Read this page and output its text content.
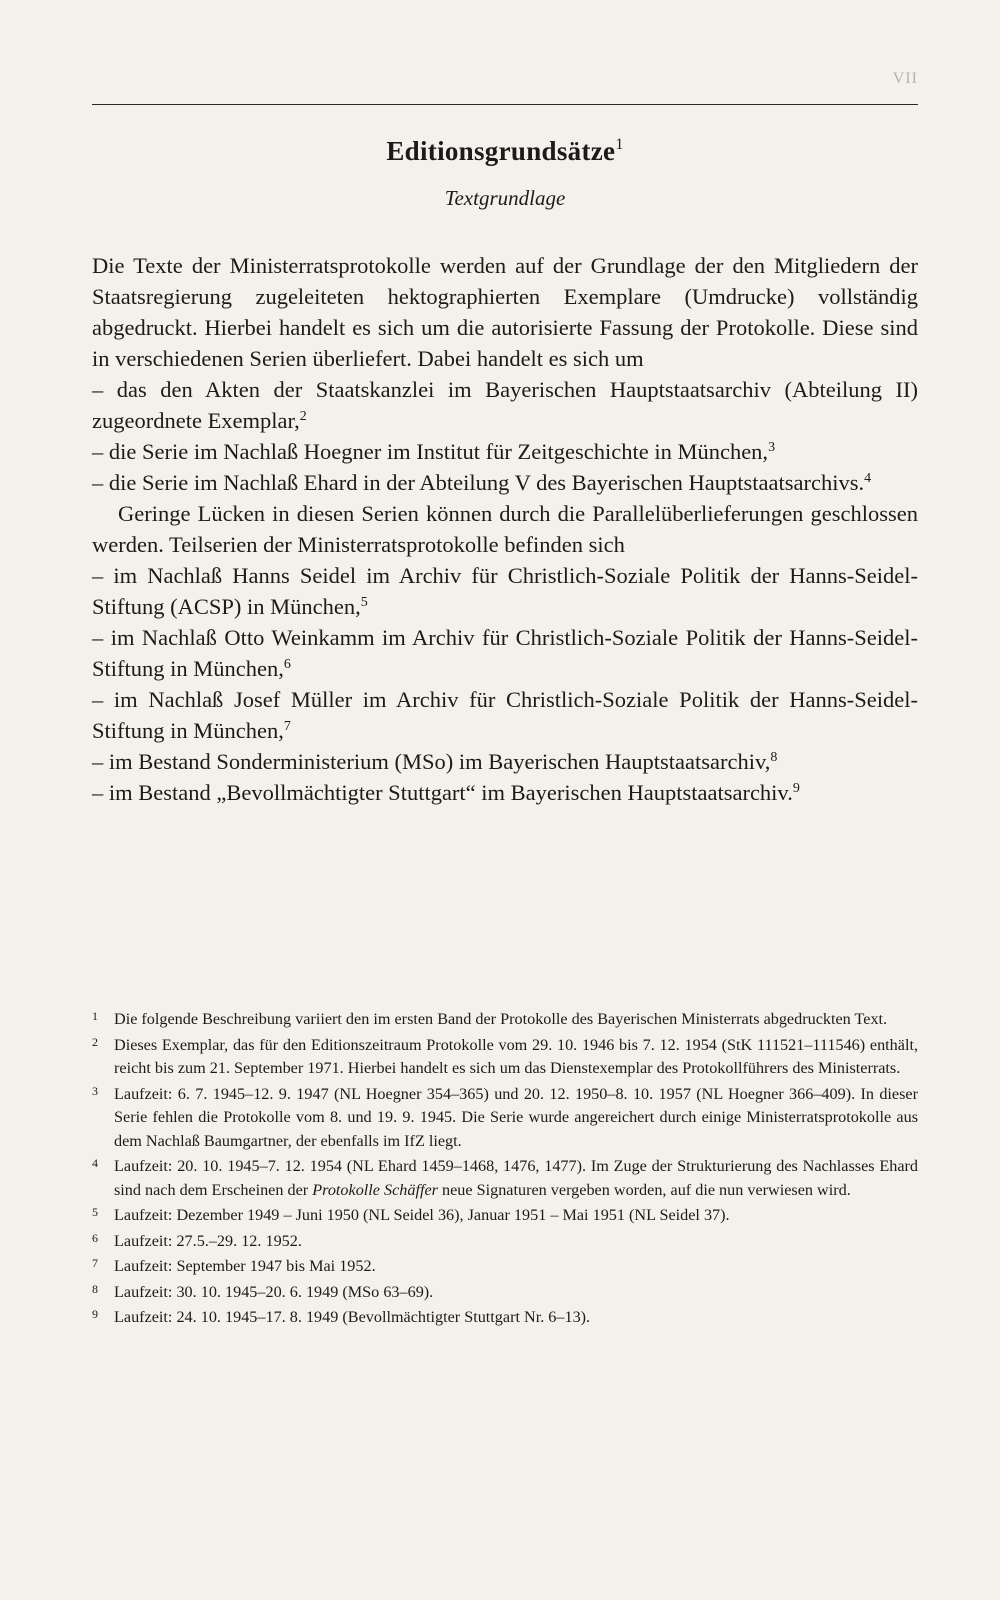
VII
Editionsgrundsätze$^1$
Textgrundlage

Die Texte der Ministerratsprotokolle werden auf der Grundlage der den Mitgliedern der Staatsregierung zugeleiteten hektographierten Exemplare (Umdrucke) vollständig abgedruckt. Hierbei handelt es sich um die autorisierte Fassung der Protokolle. Diese sind in verschiedenen Serien überliefert. Dabei handelt es sich um

– das den Akten der Staatskanzlei im Bayerischen Hauptstaatsarchiv (Abteilung II) zugeordnete Exemplar,$^2$

– die Serie im Nachlaß Hoegner im Institut für Zeitgeschichte in München,$^3$

– die Serie im Nachlaß Ehard in der Abteilung V des Bayerischen Hauptstaatsarchivs.$^4$

Geringe Lücken in diesen Serien können durch die Parallelüberlieferungen geschlossen werden. Teilserien der Ministerratsprotokolle befinden sich

– im Nachlaß Hanns Seidel im Archiv für Christlich-Soziale Politik der Hanns-Seidel-Stiftung (ACSP) in München,$^5$

– im Nachlaß Otto Weinkamm im Archiv für Christlich-Soziale Politik der Hanns-Seidel-Stiftung in München,$^6$

– im Nachlaß Josef Müller im Archiv für Christlich-Soziale Politik der Hanns-Seidel-Stiftung in München,$^7$

– im Bestand Sonderministerium (MSo) im Bayerischen Hauptstaatsarchiv,$^8$

– im Bestand „Bevollmächtigter Stuttgart“ im Bayerischen Hauptstaatsarchiv.$^9$

1 Die folgende Beschreibung variiert den im ersten Band der Protokolle des Bayerischen Ministerrats abgedruckten Text.
2 Dieses Exemplar, das für den Editionszeitraum Protokolle vom 29. 10. 1946 bis 7. 12. 1954 (StK 111521–111546) enthält, reicht bis zum 21. September 1971. Hierbei handelt es sich um das Dienstexemplar des Protokollführers des Ministerrats.
3 Laufzeit: 6. 7. 1945–12. 9. 1947 (NL Hoegner 354–365) und 20. 12. 1950–8. 10. 1957 (NL Hoegner 366–409). In dieser Serie fehlen die Protokolle vom 8. und 19. 9. 1945. Die Serie wurde angereichert durch einige Ministerratsprotokolle aus dem Nachlaß Baumgartner, der ebenfalls im IfZ liegt.
4 Laufzeit: 20. 10. 1945–7. 12. 1954 (NL Ehard 1459–1468, 1476, 1477). Im Zuge der Strukturierung des Nachlasses Ehard sind nach dem Erscheinen der Protokolle Schäffer neue Signaturen vergeben worden, auf die nun verwiesen wird.
5 Laufzeit: Dezember 1949 – Juni 1950 (NL Seidel 36), Januar 1951 – Mai 1951 (NL Seidel 37).
6 Laufzeit: 27.5.–29. 12. 1952.
7 Laufzeit: September 1947 bis Mai 1952.
8 Laufzeit: 30. 10. 1945–20. 6. 1949 (MSo 63–69).
9 Laufzeit: 24. 10. 1945–17. 8. 1949 (Bevollmächtigter Stuttgart Nr. 6–13).
